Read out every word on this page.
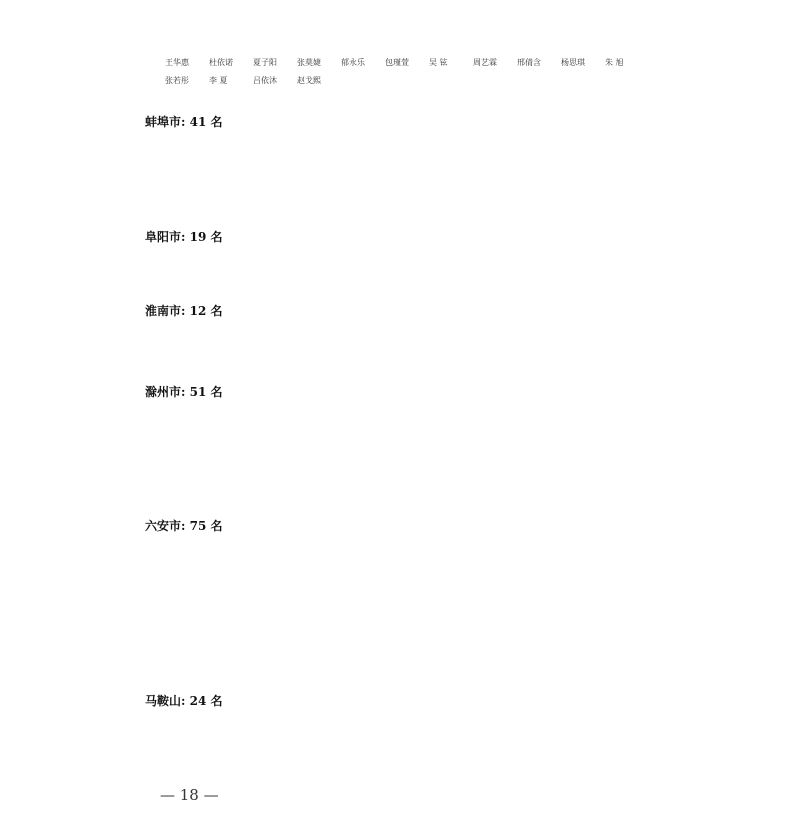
王华惠	杜依诺	夏子阳	张莫婕	郁永乐	包瑾萱	吴 铉	周艺霖	邢倩含	杨思琪	朱 旭
张若彤	李 夏	吕依沐	赵戈熙
蚌埠市: 41 名
阜阳市: 19 名
淮南市: 12 名
滁州市: 51 名
六安市: 75 名
马鞍山: 24 名
— 18 —
